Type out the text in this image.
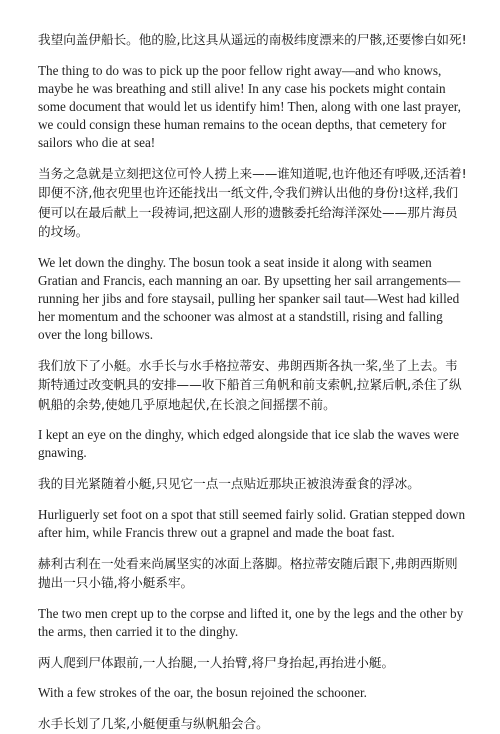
我望向盖伊船长。他的脸,比这具从遥远的南极纬度漂来的尸骸,还要惨白如死!

The thing to do was to pick up the poor fellow right away—and who knows, maybe he was breathing and still alive! In any case his pockets might contain some document that would let us identify him! Then, along with one last prayer, we could consign these human remains to the ocean depths, that cemetery for sailors who die at sea!

当务之急就是立刻把这位可怜人捞上来——谁知道呢,也许他还有呼吸,还活着!即便不济,他衣兜里也许还能找出一纸文件,令我们辨认出他的身份!这样,我们便可以在最后献上一段祷词,把这副人形的遗骸委托给海洋深处——那片海员的坟场。

We let down the dinghy. The bosun took a seat inside it along with seamen Gratian and Francis, each manning an oar. By upsetting her sail arrangements—running her jibs and fore staysail, pulling her spanker sail taut—West had killed her momentum and the schooner was almost at a standstill, rising and falling over the long billows.

我们放下了小艇。水手长与水手格拉蒂安、弗朗西斯各执一桨,坐了上去。韦斯特通过改变帆具的安排——收下船首三角帆和前支索帆,拉紧后帆,杀住了纵帆船的余势,使她几乎原地起伏,在长浪之间摇摆不前。

I kept an eye on the dinghy, which edged alongside that ice slab the waves were gnawing.

我的目光紧随着小艇,只见它一点一点贴近那块正被浪涛蚕食的浮冰。

Hurliguerly set foot on a spot that still seemed fairly solid. Gratian stepped down after him, while Francis threw out a grapnel and made the boat fast.

赫利古利在一处看来尚属坚实的冰面上落脚。格拉蒂安随后跟下,弗朗西斯则抛出一只小锚,将小艇系牢。

The two men crept up to the corpse and lifted it, one by the legs and the other by the arms, then carried it to the dinghy.

两人爬到尸体跟前,一人抬腿,一人抬臂,将尸身抬起,再抬进小艇。

With a few strokes of the oar, the bosun rejoined the schooner.

水手长划了几桨,小艇便重与纵帆船会合。
